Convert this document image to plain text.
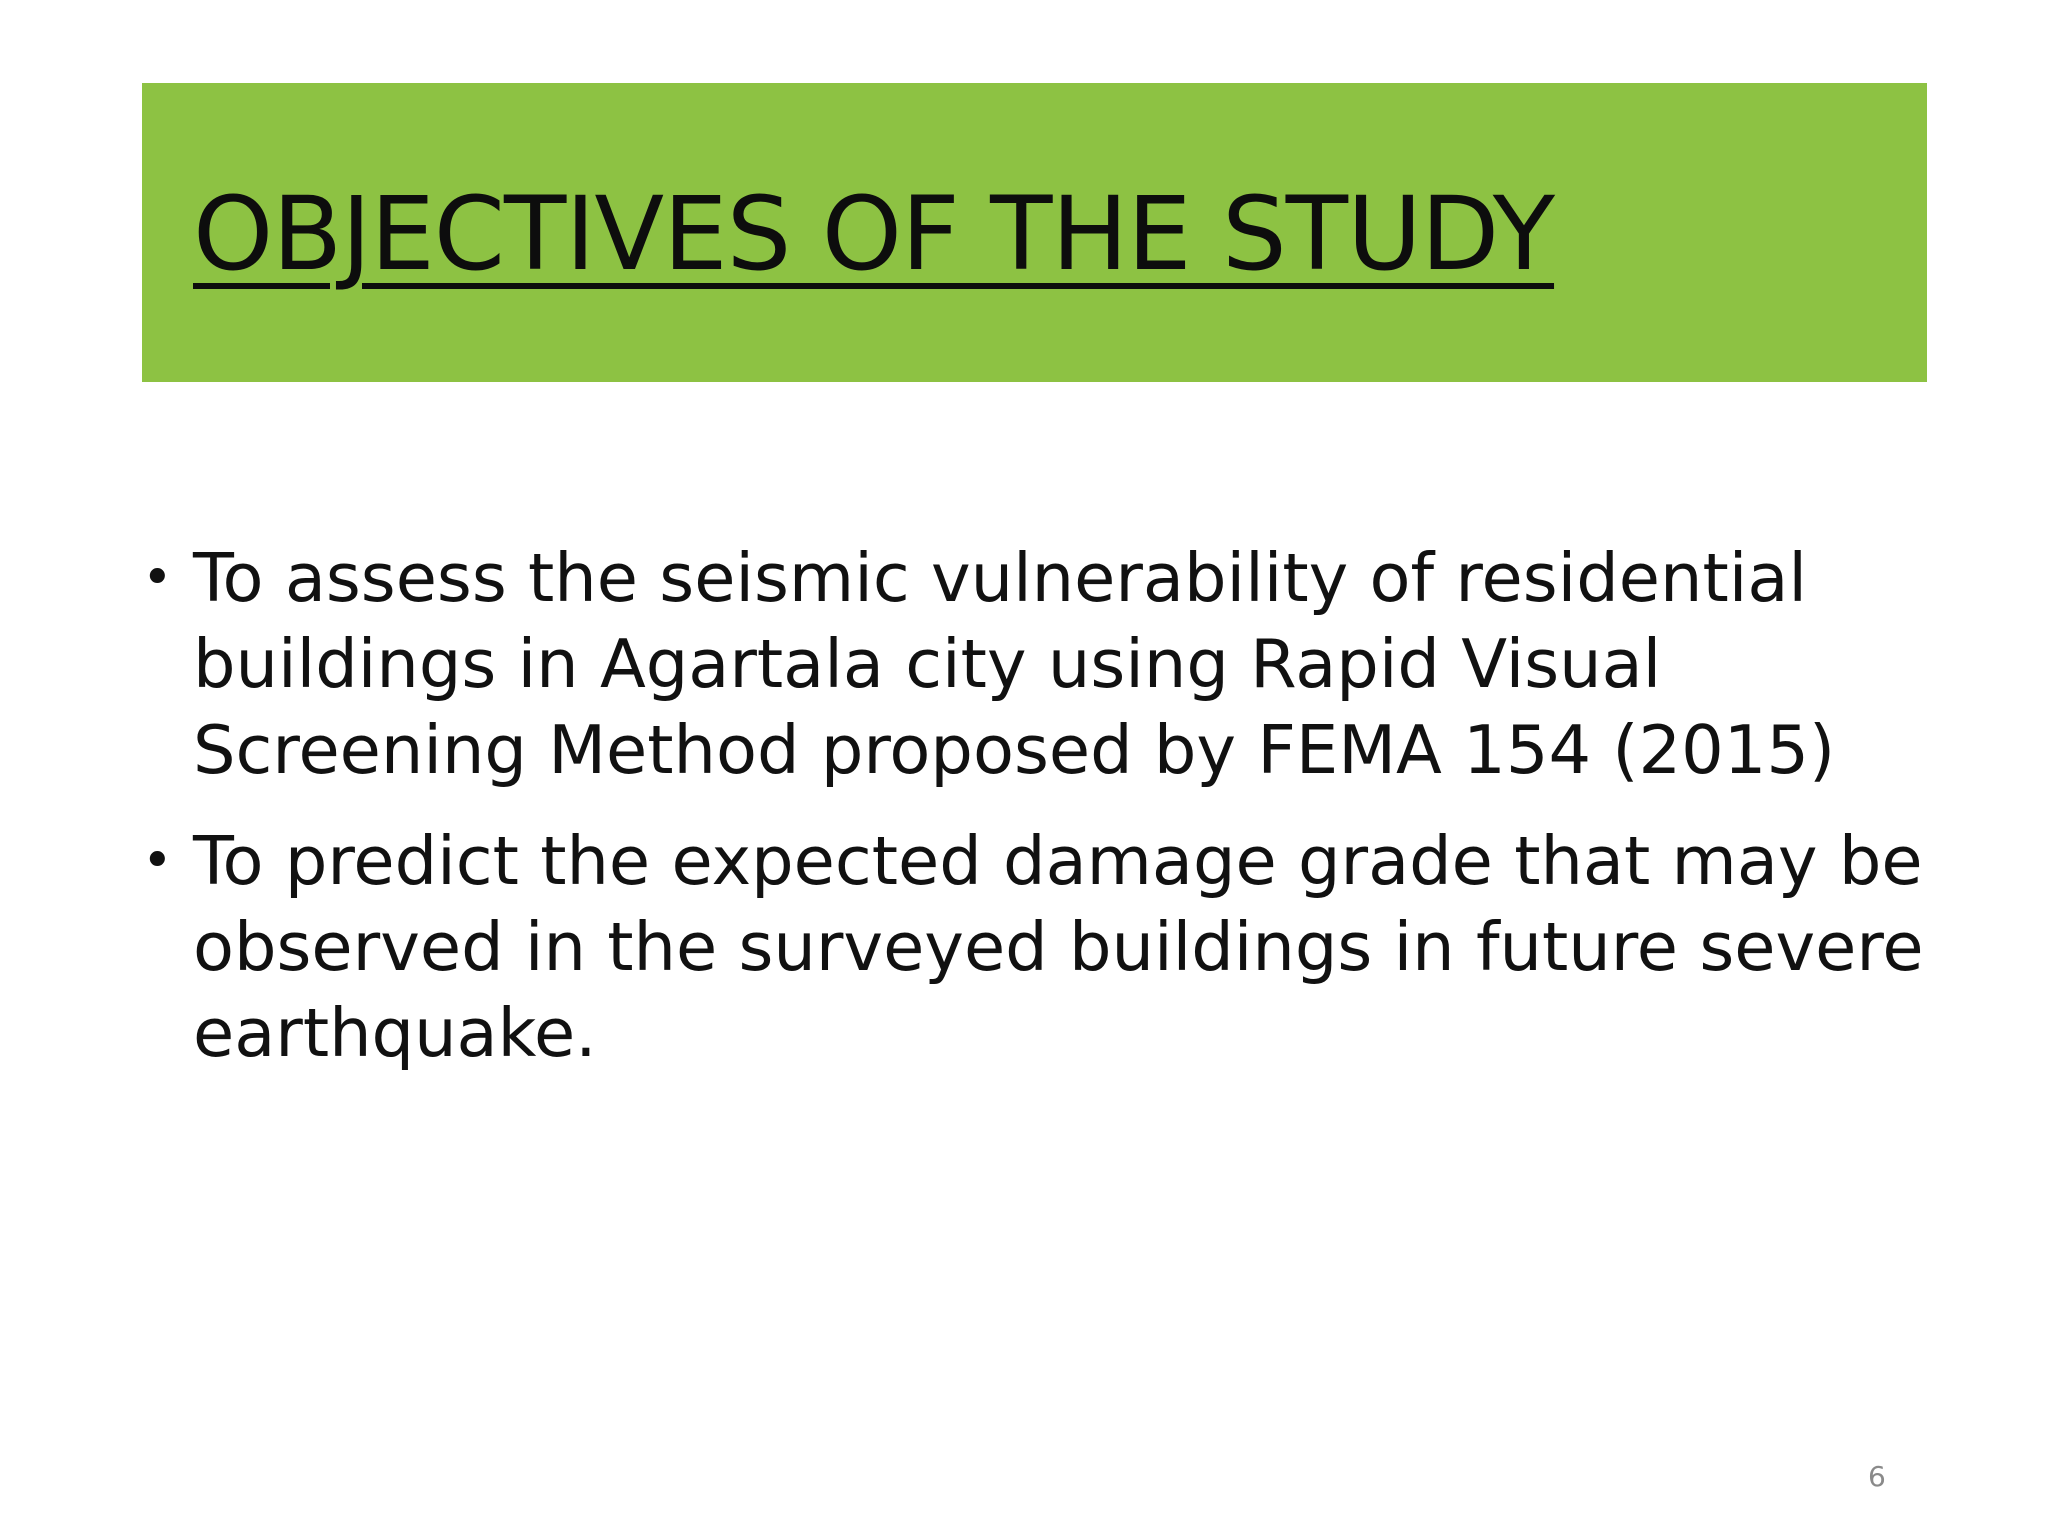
OBJECTIVES OF THE STUDY
• To assess the seismic vulnerability of residential buildings in Agartala city using Rapid Visual Screening Method proposed by FEMA 154 (2015)
• To predict the expected damage grade that may be observed in the surveyed buildings in future severe earthquake.
6
